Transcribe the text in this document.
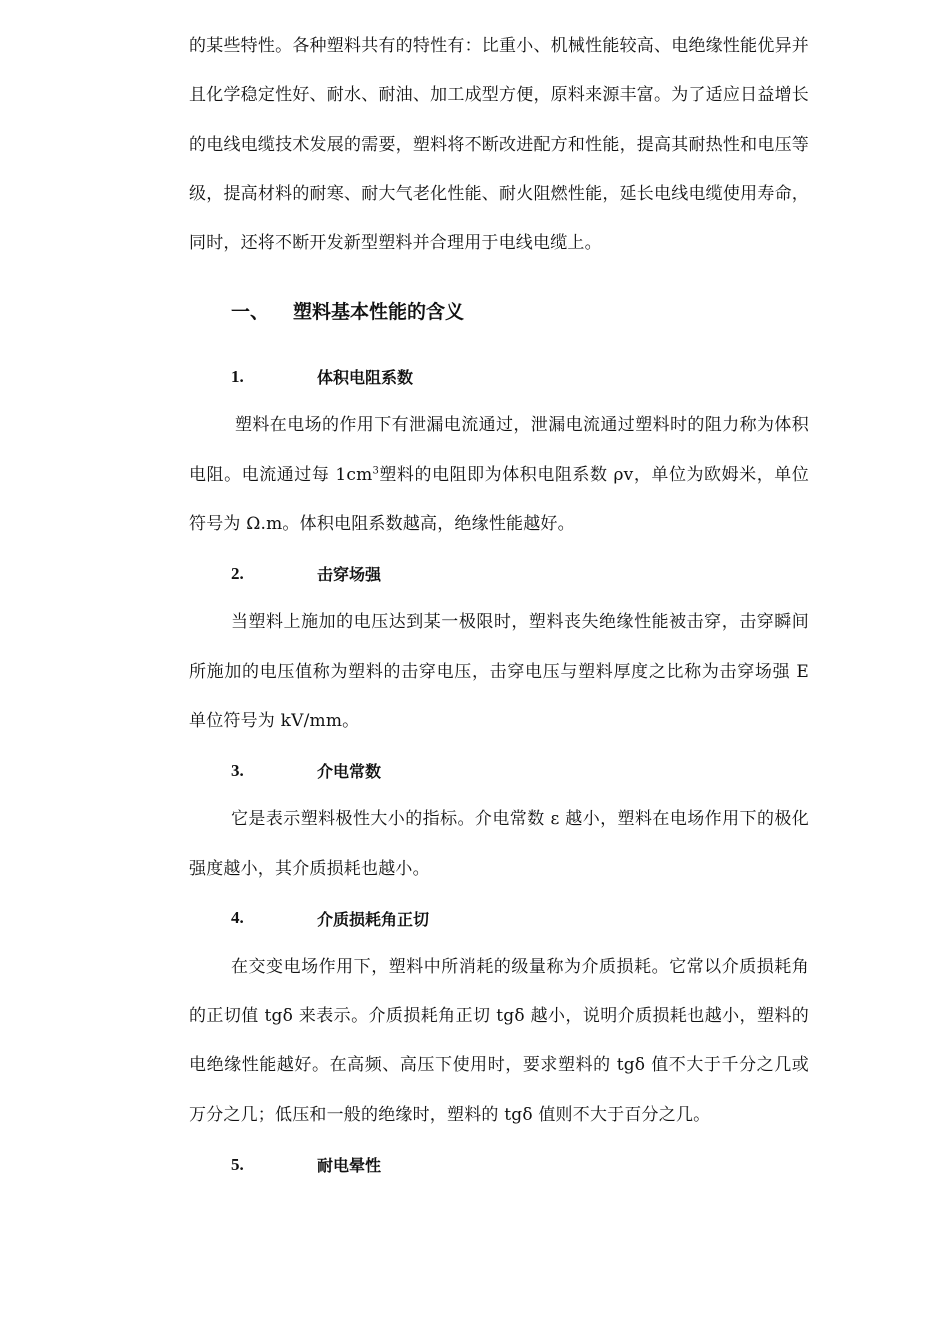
的某些特性。各种塑料共有的特性有：比重小、机械性能较高、电绝缘性能优异并且化学稳定性好、耐水、耐油、加工成型方便，原料来源丰富。为了适应日益增长的电线电缆技术发展的需要，塑料将不断改进配方和性能，提高其耐热性和电压等级，提高材料的耐寒、耐大气老化性能、耐火阻燃性能，延长电线电缆使用寿命，同时，还将不断开发新型塑料并合理用于电线电缆上。

一、	塑料基本性能的含义
1.	体积电阻系数

塑料在电场的作用下有泄漏电流通过，泄漏电流通过塑料时的阻力称为体积电阻。电流通过每 $1cm^3$塑料的电阻即为体积电阻系数 ρv，单位为欧姆米，单位符号为 Ω.m。体积电阻系数越高，绝缘性能越好。

2.	击穿场强

当塑料上施加的电压达到某一极限时，塑料丧失绝缘性能被击穿，击穿瞬间所施加的电压值称为塑料的击穿电压，击穿电压与塑料厚度之比称为击穿场强 E 单位符号为 kV/mm。

3.	介电常数

它是表示塑料极性大小的指标。介电常数 ε 越小，塑料在电场作用下的极化强度越小，其介质损耗也越小。

4.	介质损耗角正切

在交变电场作用下，塑料中所消耗的级量称为介质损耗。它常以介质损耗角的正切值 tgδ 来表示。介质损耗角正切 tgδ 越小，说明介质损耗也越小，塑料的电绝缘性能越好。在高频、高压下使用时，要求塑料的 tgδ 值不大于千分之几或万分之几；低压和一般的绝缘时，塑料的 tgδ 值则不大于百分之几。

5.	耐电晕性
